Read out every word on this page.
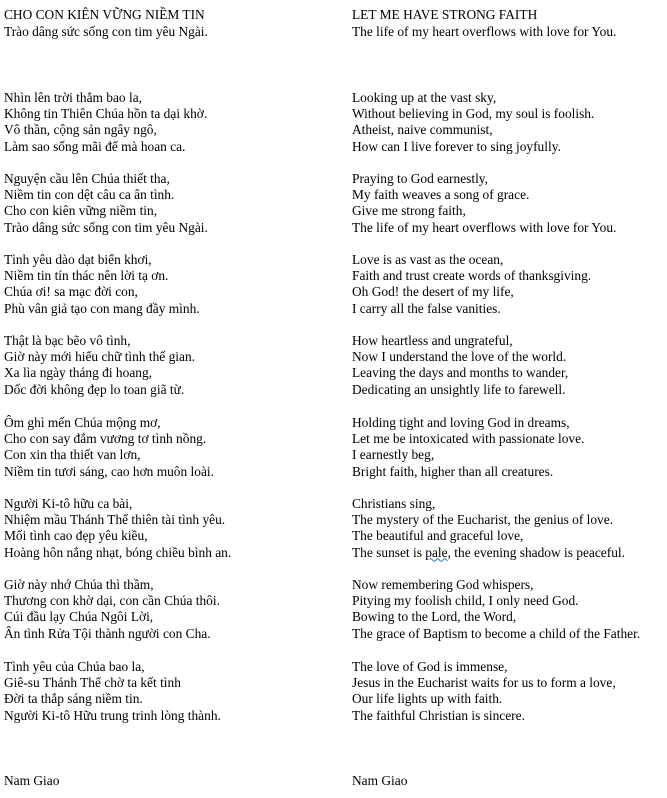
CHO CON KIÊN VỮNG NIỀM TIN
Trào dâng sức sống con tim yêu Ngài.
Nhìn lên trời thẳm bao la,
Không tin Thiên Chúa hồn ta dại khờ.
Vô thần, cộng sản ngây ngô,
Làm sao sống mãi để mà hoan ca.
Nguyện cầu lên Chúa thiết tha,
Niềm tin con dệt câu ca ân tình.
Cho con kiên vững niềm tin,
Trào dâng sức sống con tim yêu Ngài.
Tình yêu dào dạt biển khơi,
Niềm tin tín thác nên lời tạ ơn.
Chúa ơi! sa mạc đời con,
Phù vân giả tạo con mang đầy mình.
Thật là bạc bẽo vô tình,
Giờ này mới hiểu chữ tình thế gian.
Xa lìa ngày tháng đi hoang,
Dốc đời không đẹp lo toan giã từ.
Ôm ghì mến Chúa mộng mơ,
Cho con say đắm vương tơ tình nồng.
Con xin tha thiết van lơn,
Niềm tin tươi sáng, cao hơn muôn loài.
Người Ki-tô hữu ca bài,
Nhiệm mầu Thánh Thể thiên tài tình yêu.
Mối tình cao đẹp yêu kiều,
Hoàng hôn nắng nhạt, bóng chiều bình an.
Giờ này nhớ Chúa thì thầm,
Thương con khờ dại, con cần Chúa thôi.
Cúi đầu lạy Chúa Ngôi Lời,
Ân tình Rửa Tội thành người con Cha.
Tình yêu của Chúa bao la,
Giê-su Thánh Thể chờ ta kết tình
Đời ta thắp sáng niềm tin.
Người Ki-tô Hữu trung trinh lòng thành.
Nam Giao
LET ME HAVE STRONG FAITH
The life of my heart overflows with love for You.
Looking up at the vast sky,
Without believing in God, my soul is foolish.
Atheist, naive communist,
How can I live forever to sing joyfully.
Praying to God earnestly,
My faith weaves a song of grace.
Give me strong faith,
The life of my heart overflows with love for You.
Love is as vast as the ocean,
Faith and trust create words of thanksgiving.
Oh God! the desert of my life,
I carry all the false vanities.
How heartless and ungrateful,
Now I understand the love of the world.
Leaving the days and months to wander,
Dedicating an unsightly life to farewell.
Holding tight and loving God in dreams,
Let me be intoxicated with passionate love.
I earnestly beg,
Bright faith, higher than all creatures.
Christians sing,
The mystery of the Eucharist, the genius of love.
The beautiful and graceful love,
The sunset is pale, the evening shadow is peaceful.
Now remembering God whispers,
Pitying my foolish child, I only need God.
Bowing to the Lord, the Word,
The grace of Baptism to become a child of the Father.
The love of God is immense,
Jesus in the Eucharist waits for us to form a love,
Our life lights up with faith.
The faithful Christian is sincere.
Nam Giao
